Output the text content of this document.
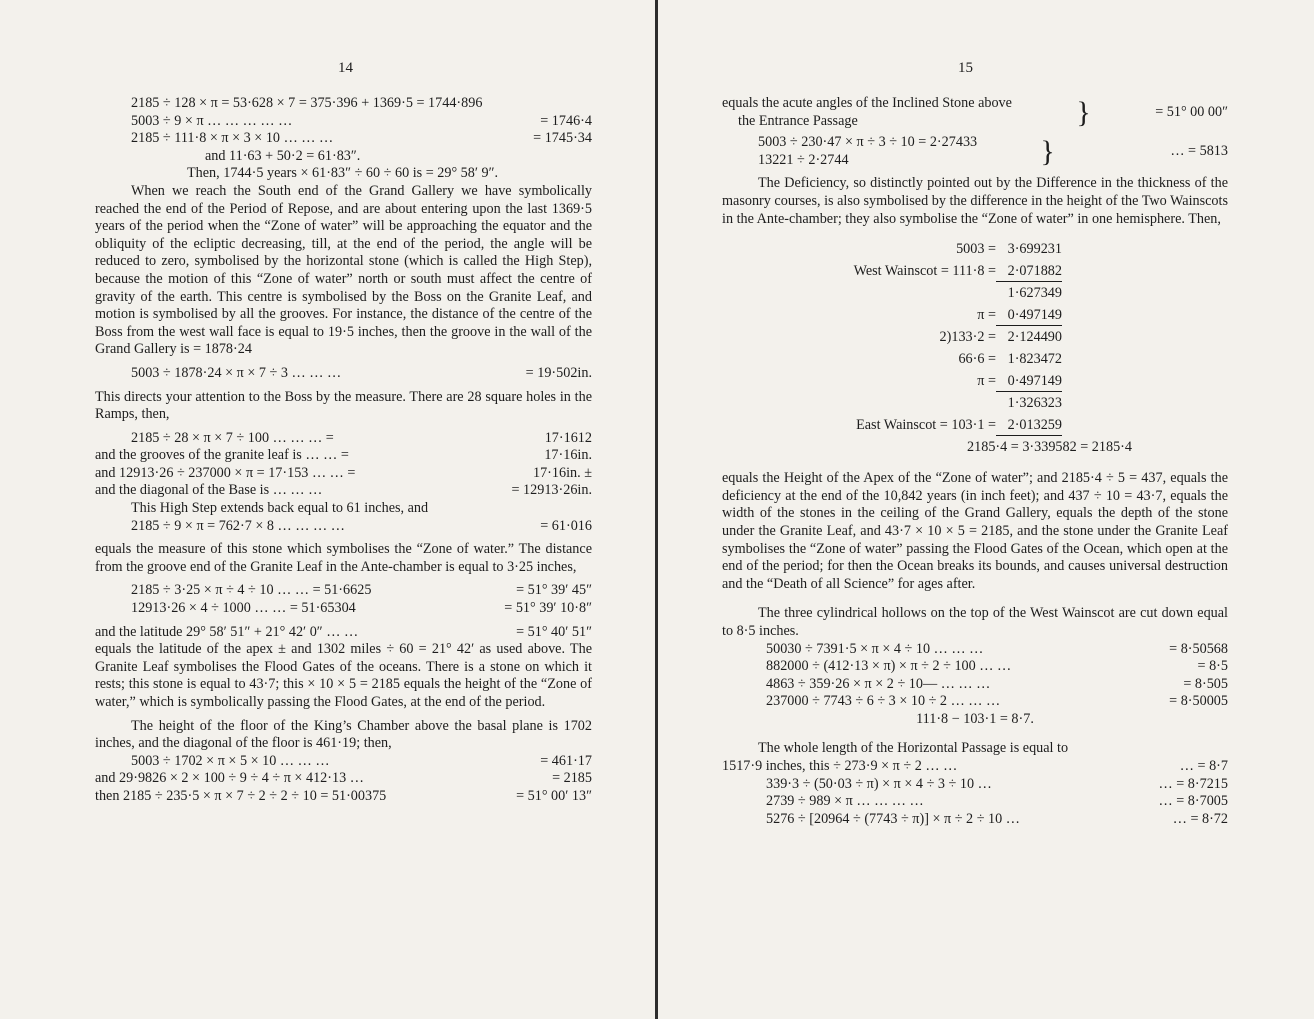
14
2185 ÷ 128 × π = 53·628 × 7 = 375·396 + 1369·5 = 1744·896
5003 ÷ 9 × π … … … … …	= 1746·4
2185 ÷ 111·8 × π × 3 × 10 … … …	= 1745·34
and 11·63 + 50·2 = 61·83″.
Then, 1744·5 years × 61·83″ ÷ 60 ÷ 60 is = 29° 58′ 9″.

When we reach the South end of the Grand Gallery we have symbolically reached the end of the Period of Repose, and are about entering upon the last 1369·5 years of the period when the “Zone of water” will be approaching the equator and the obliquity of the ecliptic decreasing, till, at the end of the period, the angle will be reduced to zero, symbolised by the horizontal stone (which is called the High Step), because the motion of this “Zone of water” north or south must affect the centre of gravity of the earth. This centre is symbolised by the Boss on the Granite Leaf, and motion is symbolised by all the grooves. For instance, the distance of the centre of the Boss from the west wall face is equal to 19·5 inches, then the groove in the wall of the Grand Gallery is = 1878·24

5003 ÷ 1878·24 × π × 7 ÷ 3 … … …	= 19·502in.

This directs your attention to the Boss by the measure. There are 28 square holes in the Ramps, then,

2185 ÷ 28 × π × 7 ÷ 100 … … … =	17·1612
and the grooves of the granite leaf is … … =	17·16in.
and 12913·26 ÷ 237000 × π = 17·153 … … =	17·16in. ±
and the diagonal of the Base is … … …	= 12913·26in.
This High Step extends back equal to 61 inches, and
2185 ÷ 9 × π = 762·7 × 8 … … … …	= 61·016

equals the measure of this stone which symbolises the “Zone of water.” The distance from the groove end of the Granite Leaf in the Ante-chamber is equal to 3·25 inches,

2185 ÷ 3·25 × π ÷ 4 ÷ 10 … … = 51·6625	= 51° 39′ 45″
12913·26 × 4 ÷ 1000 … … = 51·65304	= 51° 39′ 10·8″
and the latitude 29° 58′ 51″ + 21° 42′ 0″ … …	= 51° 40′ 51″

equals the latitude of the apex ± and 1302 miles ÷ 60 = 21° 42′ as used above. The Granite Leaf symbolises the Flood Gates of the oceans. There is a stone on which it rests; this stone is equal to 43·7; this × 10 × 5 = 2185 equals the height of the “Zone of water,” which is symbolically passing the Flood Gates, at the end of the period.

The height of the floor of the King’s Chamber above the basal plane is 1702 inches, and the diagonal of the floor is 461·19; then,

5003 ÷ 1702 × π × 5 × 10 … … …	= 461·17
and 29·9826 × 2 × 100 ÷ 9 ÷ 4 ÷ π × 412·13 …	= 2185
then 2185 ÷ 235·5 × π × 7 ÷ 2 ÷ 2 ÷ 10 = 51·00375	= 51° 00′ 13″
15
equals the acute angles of the Inclined Stone above
the Entrance Passage	}	= 51° 00 00″
5003 ÷ 230·47 × π ÷ 3 ÷ 10 = 2·27433
13221 ÷ 2·2744	}	… = 5813

The Deficiency, so distinctly pointed out by the Difference in the thickness of the masonry courses, is also symbolised by the difference in the height of the Two Wainscots in the Ante-chamber; they also symbolise the “Zone of water” in one hemisphere. Then,

5003 = 3·699231
West Wainscot = 111·8 = 2·071882
1·627349
π = 0·497149
2)133·2 = 2·124490
66·6 = 1·823472
π = 0·497149
1·326323
East Wainscot = 103·1 = 2·013259
2185·4 = 3·339582 = 2185·4

equals the Height of the Apex of the “Zone of water”; and 2185·4 ÷ 5 = 437, equals the deficiency at the end of the 10,842 years (in inch feet); and 437 ÷ 10 = 43·7, equals the width of the stones in the ceiling of the Grand Gallery, equals the depth of the stone under the Granite Leaf, and 43·7 × 10 × 5 = 2185, and the stone under the Granite Leaf symbolises the “Zone of water” passing the Flood Gates of the Ocean, which open at the end of the period; for then the Ocean breaks its bounds, and causes universal destruction and the “Death of all Science” for ages after.

The three cylindrical hollows on the top of the West Wainscot are cut down equal to 8·5 inches.

50030 ÷ 7391·5 × π × 4 ÷ 10 … … …	= 8·50568
882000 ÷ (412·13 × π) × π ÷ 2 ÷ 100 … …	= 8·5
4863 ÷ 359·26 × π × 2 ÷ 10— … … …	= 8·505
237000 ÷ 7743 ÷ 6 ÷ 3 × 10 ÷ 2 … … …	= 8·50005
111·8 − 103·1 = 8·7.

The whole length of the Horizontal Passage is equal to

1517·9 inches, this ÷ 273·9 × π ÷ 2 … …	… = 8·7
339·3 ÷ (50·03 ÷ π) × π × 4 ÷ 3 ÷ 10 …	… = 8·7215
2739 ÷ 989 × π … … … …	… = 8·7005
5276 ÷ [20964 ÷ (7743 ÷ π)] × π ÷ 2 ÷ 10 …	… = 8·72
